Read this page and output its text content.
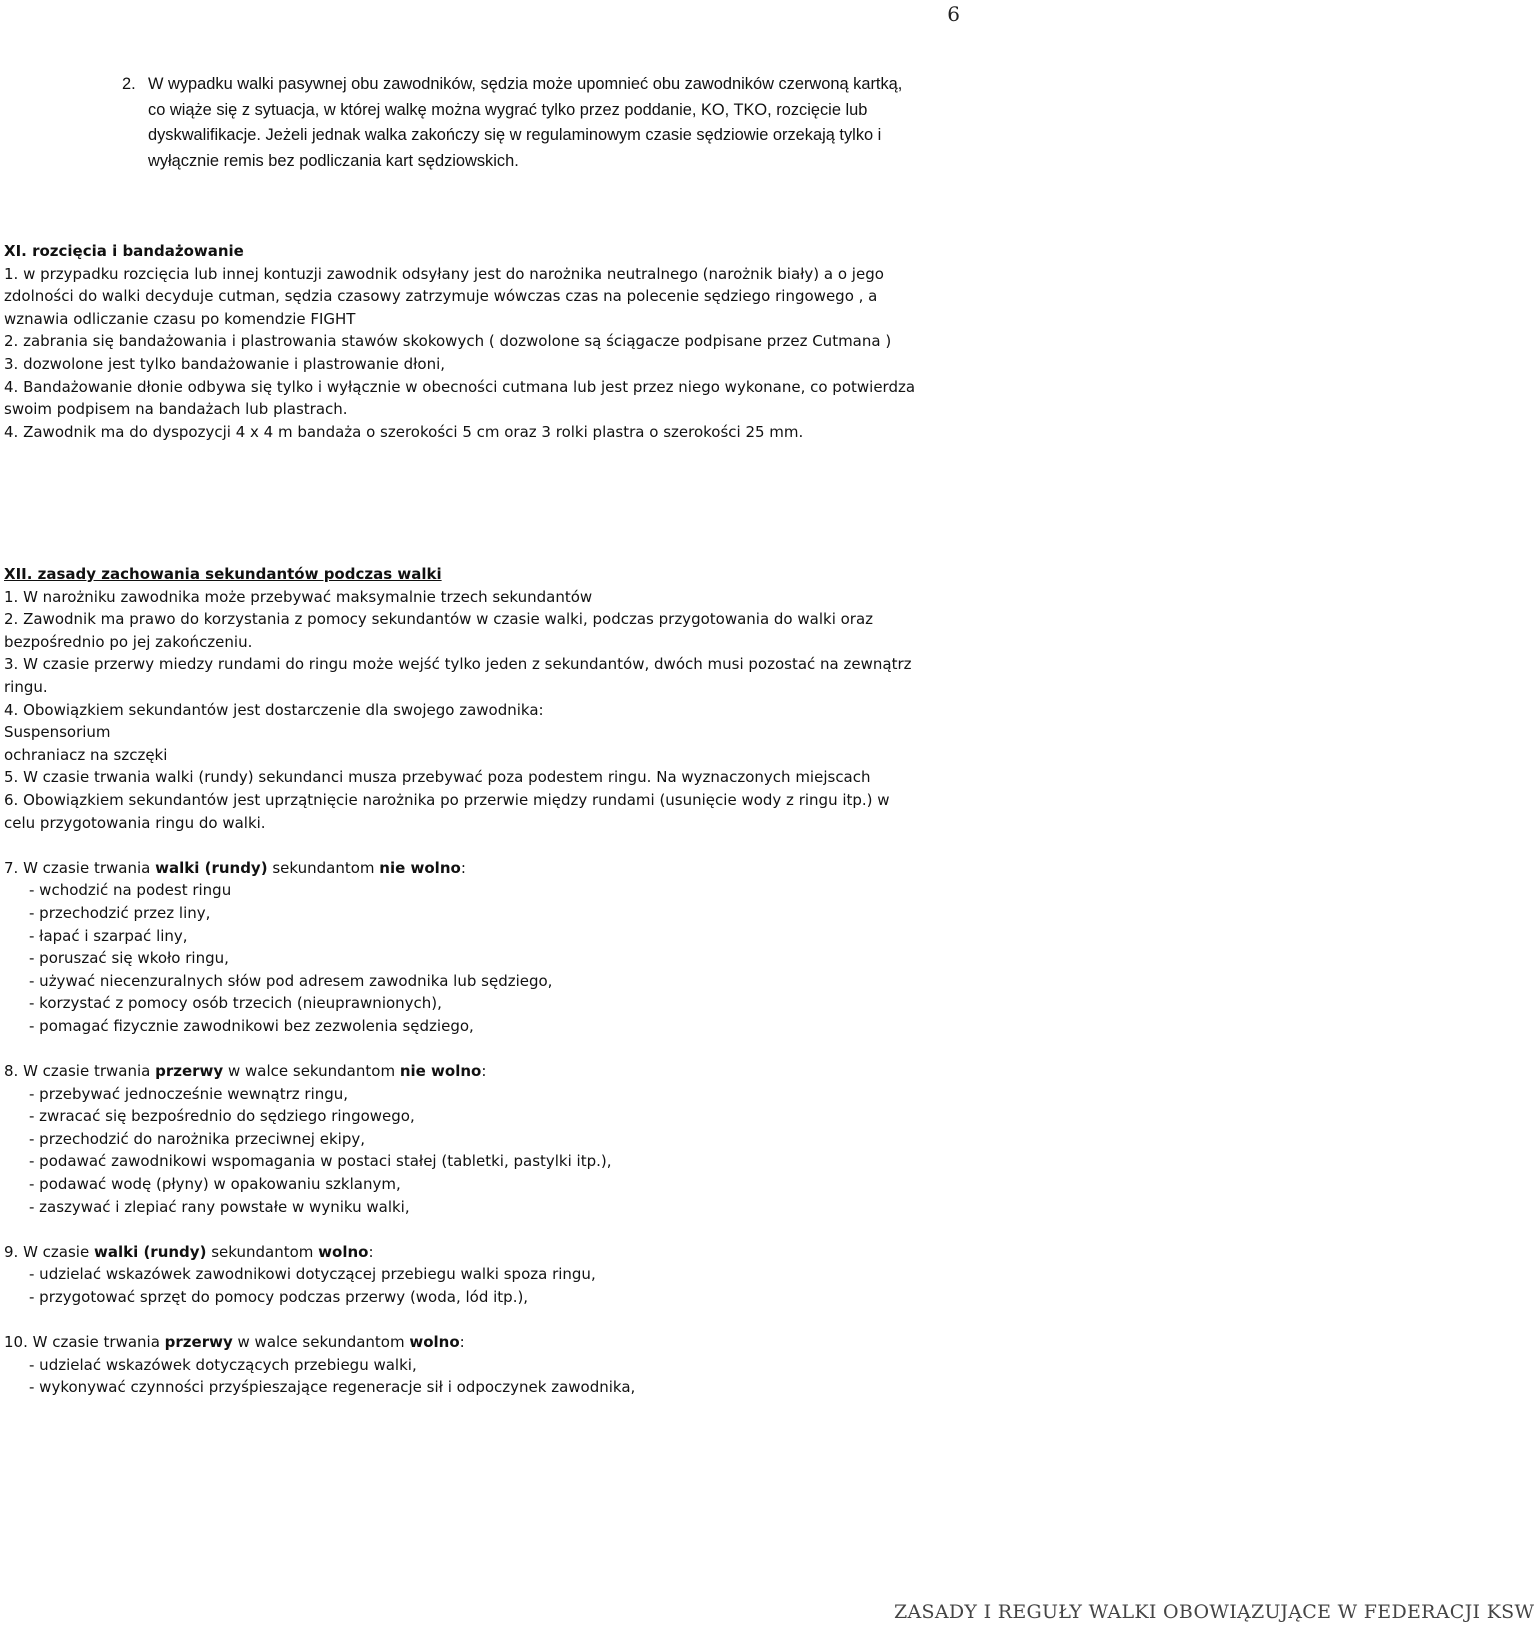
6
2. W wypadku walki pasywnej obu zawodników, sędzia może upomnieć obu zawodników czerwoną kartką, co wiąże się z sytuacja, w której walkę można wygrać tylko przez poddanie, KO, TKO, rozcięcie lub dyskwalifikacje. Jeżeli jednak walka zakończy się w regulaminowym czasie sędziowie orzekają tylko i wyłącznie remis bez podliczania kart sędziowskich.

XI. rozcięcia i bandażowanie

1. w przypadku rozcięcia lub innej kontuzji zawodnik odsyłany jest do narożnika neutralnego (narożnik biały) a o jego zdolności do walki decyduje cutman, sędzia czasowy zatrzymuje wówczas czas na polecenie sędziego ringowego , a wznawia odliczanie czasu po komendzie FIGHT

2. zabrania się bandażowania i plastrowania stawów skokowych ( dozwolone są ściągacze podpisane przez Cutmana )

3. dozwolone jest tylko bandażowanie i plastrowanie dłoni,

4. Bandażowanie dłonie odbywa się tylko i wyłącznie w obecności cutmana lub jest przez niego wykonane, co potwierdza swoim podpisem na bandażach lub plastrach.

4. Zawodnik ma do dyspozycji 4 x 4 m bandaża o szerokości 5 cm oraz 3 rolki plastra o szerokości 25 mm.

XII. zasady zachowania sekundantów podczas walki

1. W narożniku zawodnika może przebywać maksymalnie trzech sekundantów

2. Zawodnik ma prawo do korzystania z pomocy sekundantów w czasie walki, podczas przygotowania do walki oraz bezpośrednio po jej zakończeniu.

3. W czasie przerwy miedzy rundami do ringu może wejść tylko jeden z sekundantów, dwóch musi pozostać na zewnątrz ringu.

4. Obowiązkiem sekundantów jest dostarczenie dla swojego zawodnika:

Suspensorium

ochraniacz na szczęki

5. W czasie trwania walki (rundy) sekundanci musza przebywać poza podestem ringu. Na wyznaczonych miejscach

6. Obowiązkiem sekundantów jest uprzątnięcie narożnika po przerwie między rundami (usunięcie wody z ringu itp.) w celu przygotowania ringu do walki.

7. W czasie trwania walki (rundy) sekundantom nie wolno:

- wchodzić na podest ringu

- przechodzić przez liny,

- łapać i szarpać liny,

- poruszać się wkoło ringu,

- używać niecenzuralnych słów pod adresem zawodnika lub sędziego,

- korzystać z pomocy osób trzecich (nieuprawnionych),

- pomagać fizycznie zawodnikowi bez zezwolenia sędziego,

8. W czasie trwania przerwy w walce sekundantom nie wolno:

- przebywać jednocześnie wewnątrz ringu,

- zwracać się bezpośrednio do sędziego ringowego,

- przechodzić do narożnika przeciwnej ekipy,

- podawać zawodnikowi wspomagania w postaci stałej (tabletki, pastylki itp.),

- podawać wodę (płyny) w opakowaniu szklanym,

- zaszywać i zlepiać rany powstałe w wyniku walki,

9. W czasie walki (rundy) sekundantom wolno:

- udzielać wskazówek zawodnikowi dotyczącej przebiegu walki spoza ringu,

- przygotować sprzęt do pomocy podczas przerwy (woda, lód itp.),

10. W czasie trwania przerwy w walce sekundantom wolno:

- udzielać wskazówek dotyczących przebiegu walki,

- wykonywać czynności przyśpieszające regeneracje sił i odpoczynek zawodnika,

ZASADY I REGUŁY WALKI OBOWIĄZUJĄCE W FEDERACJI KSW
